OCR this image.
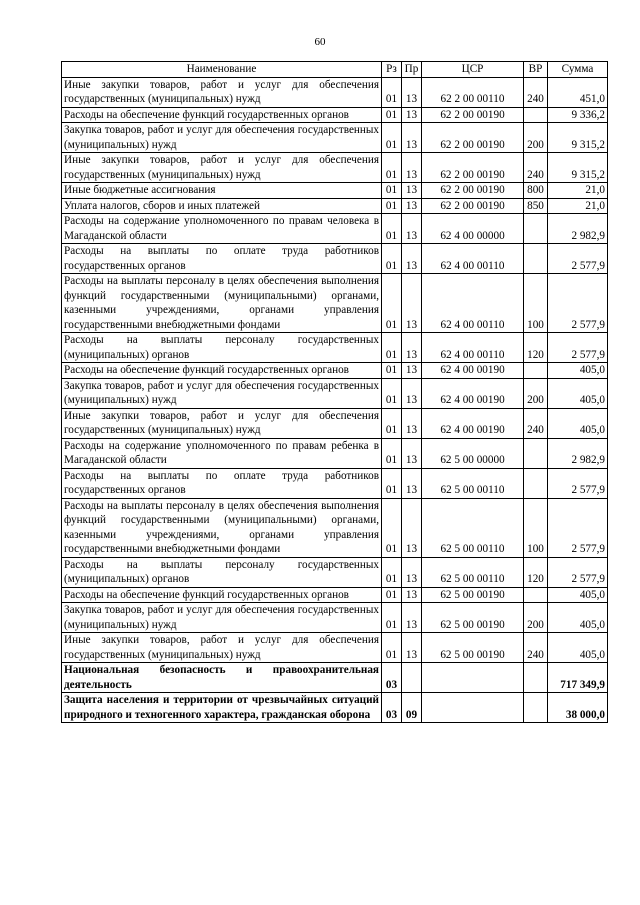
60
Наименование	Рз	Пр	ЦСР	ВР	Сумма
Иные закупки товаров, работ и услуг для обеспечения государственных (муниципальных) нужд	01	13	62 2 00 00110	240	451,0
Расходы на обеспечение функций государственных органов	01	13	62 2 00 00190		9 336,2
Закупка товаров, работ и услуг для обеспечения государственных (муниципальных) нужд	01	13	62 2 00 00190	200	9 315,2
Иные закупки товаров, работ и услуг для обеспечения государственных (муниципальных) нужд	01	13	62 2 00 00190	240	9 315,2
Иные бюджетные ассигнования	01	13	62 2 00 00190	800	21,0
Уплата налогов, сборов и иных платежей	01	13	62 2 00 00190	850	21,0
Расходы на содержание уполномоченного по правам человека в Магаданской области	01	13	62 4 00 00000		2 982,9
Расходы на выплаты по оплате труда работников государственных органов	01	13	62 4 00 00110		2 577,9
Расходы на выплаты персоналу в целях обеспечения выполнения функций государственными (муниципальными) органами, казенными учреждениями, органами управления государственными внебюджетными фондами	01	13	62 4 00 00110	100	2 577,9
Расходы на выплаты персоналу государственных (муниципальных) органов	01	13	62 4 00 00110	120	2 577,9
Расходы на обеспечение функций государственных органов	01	13	62 4 00 00190		405,0
Закупка товаров, работ и услуг для обеспечения государственных (муниципальных) нужд	01	13	62 4 00 00190	200	405,0
Иные закупки товаров, работ и услуг для обеспечения государственных (муниципальных) нужд	01	13	62 4 00 00190	240	405,0
Расходы на содержание уполномоченного по правам ребенка в Магаданской области	01	13	62 5 00 00000		2 982,9
Расходы на выплаты по оплате труда работников государственных органов	01	13	62 5 00 00110		2 577,9
Расходы на выплаты персоналу в целях обеспечения выполнения функций государственными (муниципальными) органами, казенными учреждениями, органами управления государственными внебюджетными фондами	01	13	62 5 00 00110	100	2 577,9
Расходы на выплаты персоналу государственных (муниципальных) органов	01	13	62 5 00 00110	120	2 577,9
Расходы на обеспечение функций государственных органов	01	13	62 5 00 00190		405,0
Закупка товаров, работ и услуг для обеспечения государственных (муниципальных) нужд	01	13	62 5 00 00190	200	405,0
Иные закупки товаров, работ и услуг для обеспечения государственных (муниципальных) нужд	01	13	62 5 00 00190	240	405,0
Национальная безопасность и правоохранительная деятельность	03				717 349,9
Защита населения и территории от чрезвычайных ситуаций природного и техногенного характера, гражданская оборона	03	09			38 000,0
